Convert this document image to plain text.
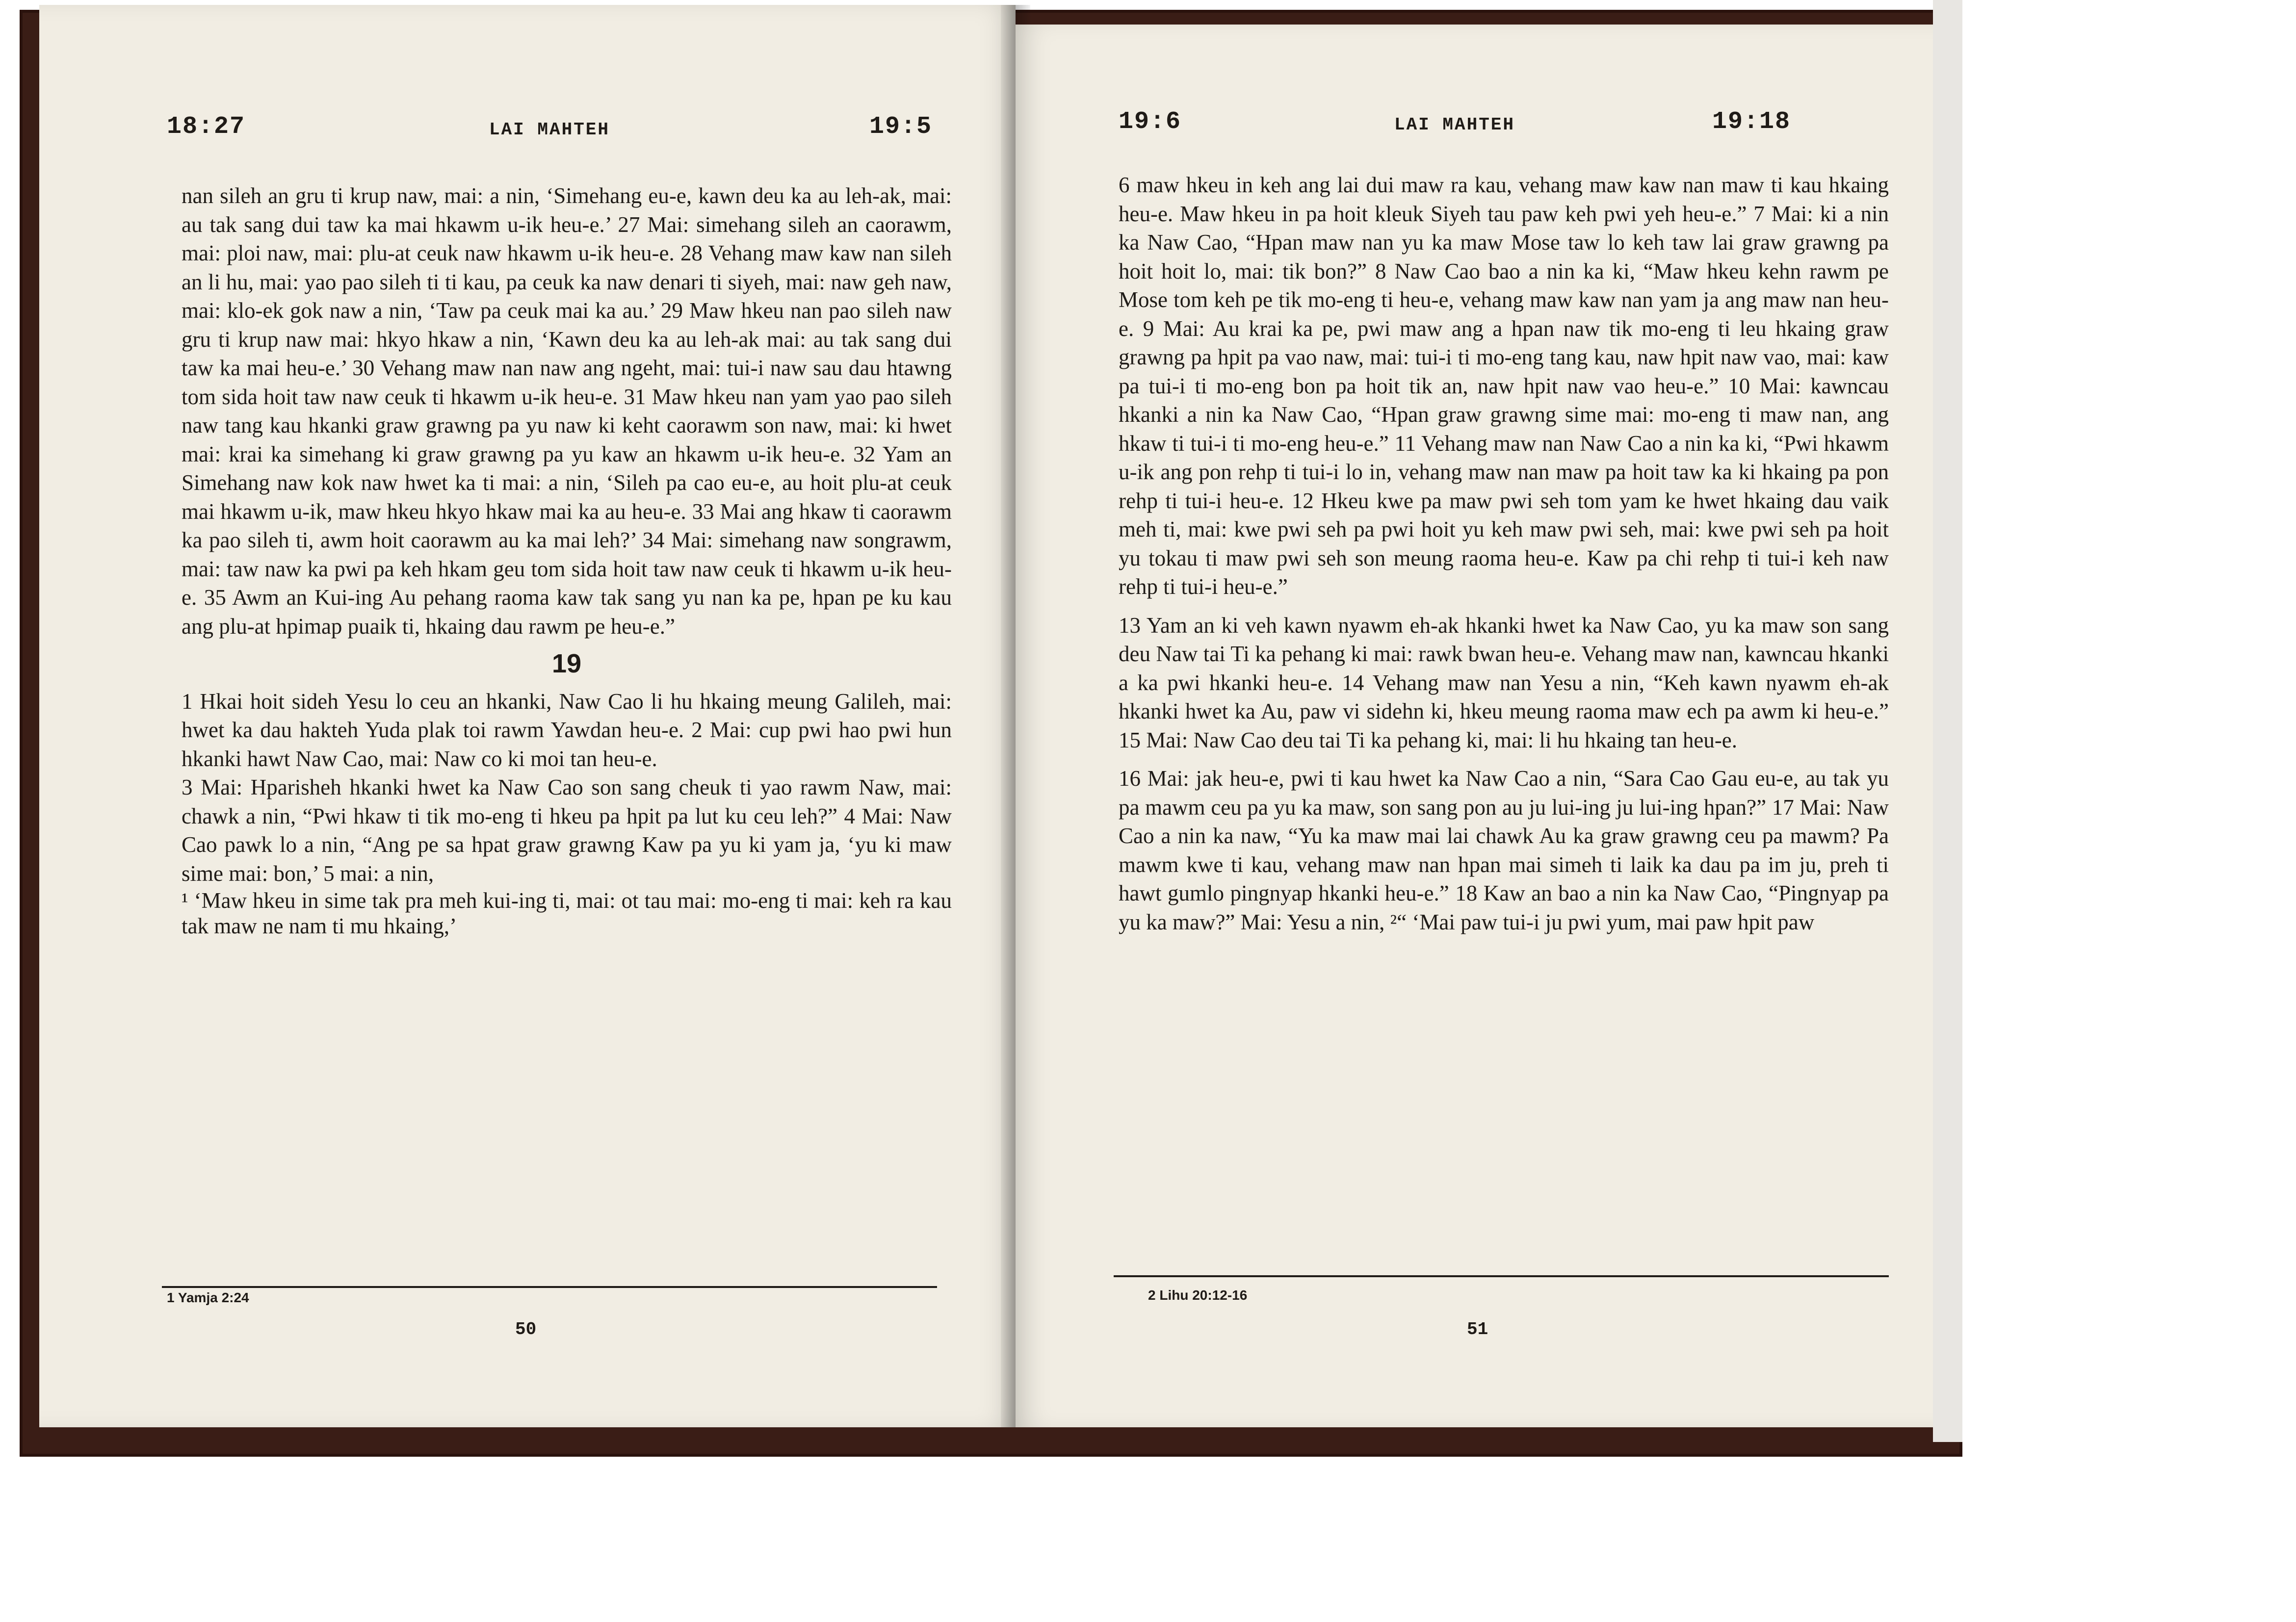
18:27	LAI MAHTEH	19:5

nan sileh an gru ti krup naw, mai: a nin, ‘Simehang eu-e, kawn deu ka au leh-ak, mai: au tak sang dui taw ka mai hkawm u-ik heu-e.’ 27 Mai: simehang sileh an caorawm, mai: ploi naw, mai: plu-at ceuk naw hkawm u-ik heu-e. 28 Vehang maw kaw nan sileh an li hu, mai: yao pao sileh ti ti kau, pa ceuk ka naw denari ti siyeh, mai: naw geh naw, mai: klo-ek gok naw a nin, ‘Taw pa ceuk mai ka au.’ 29 Maw hkeu nan pao sileh naw gru ti krup naw mai: hkyo hkaw a nin, ‘Kawn deu ka au leh-ak mai: au tak sang dui taw ka mai heu-e.’ 30 Vehang maw nan naw ang ngeht, mai: tui-i naw sau dau htawng tom sida hoit taw naw ceuk ti hkawm u-ik heu-e. 31 Maw hkeu nan yam yao pao sileh naw tang kau hkanki graw grawng pa yu naw ki keht caorawm son naw, mai: ki hwet mai: krai ka simehang ki graw grawng pa yu kaw an hkawm u-ik heu-e. 32 Yam an Simehang naw kok naw hwet ka ti mai: a nin, ‘Sileh pa cao eu-e, au hoit plu-at ceuk mai hkawm u-ik, maw hkeu hkyo hkaw mai ka au heu-e. 33 Mai ang hkaw ti caorawm ka pao sileh ti, awm hoit caorawm au ka mai leh?’ 34 Mai: simehang naw songrawm, mai: taw naw ka pwi pa keh hkam geu tom sida hoit taw naw ceuk ti hkawm u-ik heu-e. 35 Awm an Kui-ing Au pehang raoma kaw tak sang yu nan ka pe, hpan pe ku kau ang plu-at hpimap puaik ti, hkaing dau rawm pe heu-e.”

19

1 Hkai hoit sideh Yesu lo ceu an hkanki, Naw Cao li hu hkaing meung Galileh, mai: hwet ka dau hakteh Yuda plak toi rawm Yawdan heu-e. 2 Mai: cup pwi hao pwi hun hkanki hawt Naw Cao, mai: Naw co ki moi tan heu-e.

3 Mai: Hparisheh hkanki hwet ka Naw Cao son sang cheuk ti yao rawm Naw, mai: chawk a nin, “Pwi hkaw ti tik mo-eng ti hkeu pa hpit pa lut ku ceu leh?” 4 Mai: Naw Cao pawk lo a nin, “Ang pe sa hpat graw grawng Kaw pa yu ki yam ja, ‘yu ki maw sime mai: bon,’ 5 mai: a nin,

¹ ‘Maw hkeu in sime tak pra meh kui-ing ti, mai: ot tau mai: mo-eng ti mai: keh ra kau tak maw ne nam ti mu hkaing,’

1 Yamja 2:24
50
19:6	LAI MAHTEH	19:18

6 maw hkeu in keh ang lai dui maw ra kau, vehang maw kaw nan maw ti kau hkaing heu-e. Maw hkeu in pa hoit kleuk Siyeh tau paw keh pwi yeh heu-e.” 7 Mai: ki a nin ka Naw Cao, “Hpan maw nan yu ka maw Mose taw lo keh taw lai graw grawng pa hoit hoit lo, mai: tik bon?” 8 Naw Cao bao a nin ka ki, “Maw hkeu kehn rawm pe Mose tom keh pe tik mo-eng ti heu-e, vehang maw kaw nan yam ja ang maw nan heu-e. 9 Mai: Au krai ka pe, pwi maw ang a hpan naw tik mo-eng ti leu hkaing graw grawng pa hpit pa vao naw, mai: tui-i ti mo-eng tang kau, naw hpit naw vao, mai: kaw pa tui-i ti mo-eng bon pa hoit tik an, naw hpit naw vao heu-e.” 10 Mai: kawncau hkanki a nin ka Naw Cao, “Hpan graw grawng sime mai: mo-eng ti maw nan, ang hkaw ti tui-i ti mo-eng heu-e.” 11 Vehang maw nan Naw Cao a nin ka ki, “Pwi hkawm u-ik ang pon rehp ti tui-i lo in, vehang maw nan maw pa hoit taw ka ki hkaing pa pon rehp ti tui-i heu-e. 12 Hkeu kwe pa maw pwi seh tom yam ke hwet hkaing dau vaik meh ti, mai: kwe pwi seh pa pwi hoit yu keh maw pwi seh, mai: kwe pwi seh pa hoit yu tokau ti maw pwi seh son meung raoma heu-e. Kaw pa chi rehp ti tui-i keh naw rehp ti tui-i heu-e.”

13 Yam an ki veh kawn nyawm eh-ak hkanki hwet ka Naw Cao, yu ka maw son sang deu Naw tai Ti ka pehang ki mai: rawk bwan heu-e. Vehang maw nan, kawncau hkanki a ka pwi hkanki heu-e. 14 Vehang maw nan Yesu a nin, “Keh kawn nyawm eh-ak hkanki hwet ka Au, paw vi sidehn ki, hkeu meung raoma maw ech pa awm ki heu-e.” 15 Mai: Naw Cao deu tai Ti ka pehang ki, mai: li hu hkaing tan heu-e.

16 Mai: jak heu-e, pwi ti kau hwet ka Naw Cao a nin, “Sara Cao Gau eu-e, au tak yu pa mawm ceu pa yu ka maw, son sang pon au ju lui-ing ju lui-ing hpan?” 17 Mai: Naw Cao a nin ka naw, “Yu ka maw mai lai chawk Au ka graw grawng ceu pa mawm? Pa mawm kwe ti kau, vehang maw nan hpan mai simeh ti laik ka dau pa im ju, preh ti hawt gumlo pingnyap hkanki heu-e.” 18 Kaw an bao a nin ka Naw Cao, “Pingnyap pa yu ka maw?” Mai: Yesu a nin, ²“ ‘Mai paw tui-i ju pwi yum, mai paw hpit paw

2 Lihu 20:12-16
51
